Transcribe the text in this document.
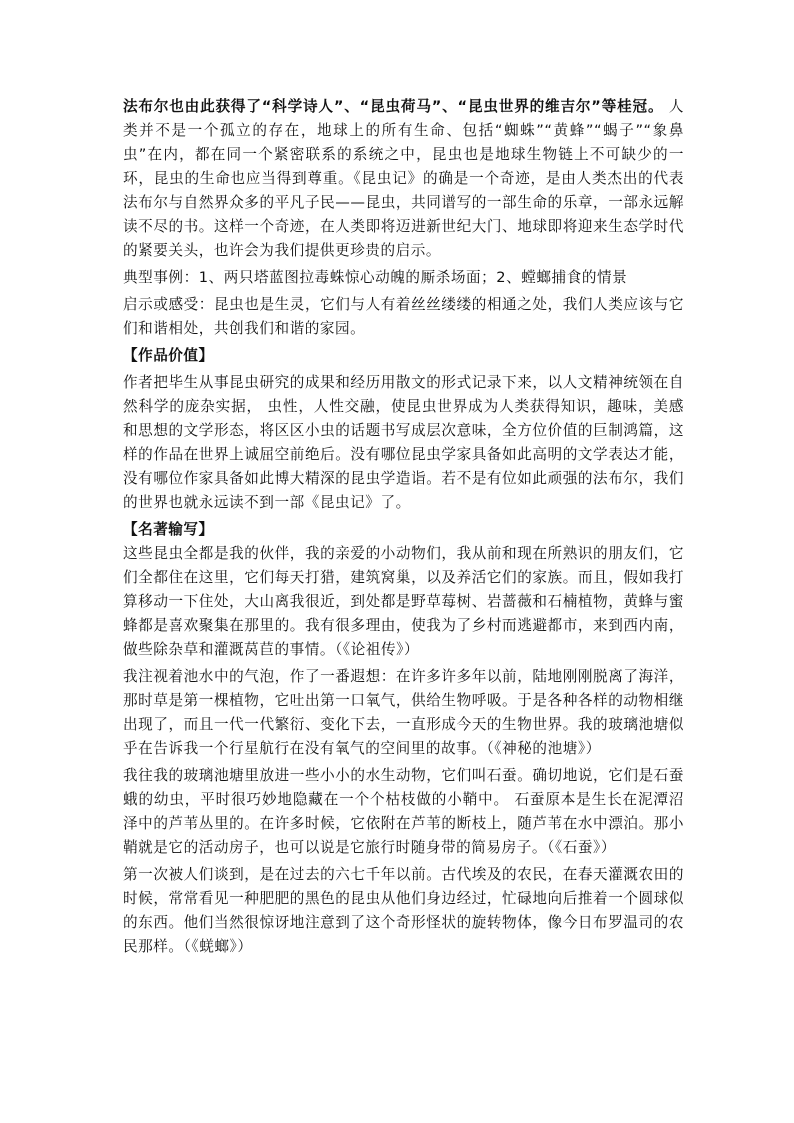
法布尔也由此获得了“科学诗人”、“昆虫荷马”、“昆虫世界的维吉尔”等桂冠。 人类并不是一个孤立的存在，地球上的所有生命、包括“蜘蛛”“黄蜂”“蝎子”“象鼻虫”在内，都在同一个紧密联系的系统之中，昆虫也是地球生物链上不可缺少的一环，昆虫的生命也应当得到尊重。《昆虫记》的确是一个奇迹，是由人类杰出的代表法布尔与自然界众多的平凡子民——昆虫，共同谱写的一部生命的乐章，一部永远解读不尽的书。这样一个奇迹，在人类即将迈进新世纪大门、地球即将迎来生态学时代的紧要关头，也许会为我们提供更珍贵的启示。

典型事例：1、两只塔蓝图拉毒蛛惊心动魄的厮杀场面；2、螳螂捕食的情景

启示或感受：昆虫也是生灵，它们与人有着丝丝缕缕的相通之处，我们人类应该与它们和谐相处，共创我们和谐的家园。

【作品价值】

作者把毕生从事昆虫研究的成果和经历用散文的形式记录下来，以人文精神统领在自然科学的庞杂实据， 虫性，人性交融，使昆虫世界成为人类获得知识，趣味，美感和思想的文学形态，将区区小虫的话题书写成层次意味，全方位价值的巨制鸿篇，这样的作品在世界上诚屈空前绝后。没有哪位昆虫学家具备如此高明的文学表达才能，没有哪位作家具备如此博大精深的昆虫学造诣。若不是有位如此顽强的法布尔，我们的世界也就永远读不到一部《昆虫记》了。

【名著输写】

这些昆虫全都是我的伙伴，我的亲爱的小动物们，我从前和现在所熟识的朋友们，它们全都住在这里，它们每天打猎，建筑窝巢，以及养活它们的家族。而且，假如我打算移动一下住处，大山离我很近，到处都是野草莓树、岩蔷薇和石楠植物，黄蜂与蜜蜂都是喜欢聚集在那里的。我有很多理由，使我为了乡村而逃避都市，来到西内南，做些除杂草和灌溉莴苣的事情。（《论祖传》）

我注视着池水中的气泡，作了一番遐想：在许多许多年以前，陆地刚刚脱离了海洋，那时草是第一棵植物，它吐出第一口氧气，供给生物呼吸。于是各种各样的动物相继出现了，而且一代一代繁衍、变化下去，一直形成今天的生物世界。我的玻璃池塘似乎在告诉我一个行星航行在没有氧气的空间里的故事。（《神秘的池塘》）

我往我的玻璃池塘里放进一些小小的水生动物，它们叫石蚕。确切地说，它们是石蚕蛾的幼虫，平时很巧妙地隐藏在一个个枯枝做的小鞘中。 石蚕原本是生长在泥潭沼泽中的芦苇丛里的。在许多时候，它依附在芦苇的断枝上，随芦苇在水中漂泊。那小鞘就是它的活动房子，也可以说是它旅行时随身带的简易房子。（《石蚕》）

第一次被人们谈到，是在过去的六七千年以前。古代埃及的农民，在春天灌溉农田的时候，常常看见一种肥肥的黑色的昆虫从他们身边经过，忙碌地向后推着一个圆球似的东西。他们当然很惊讶地注意到了这个奇形怪状的旋转物体，像今日布罗温司的农民那样。（《蜣螂》）
